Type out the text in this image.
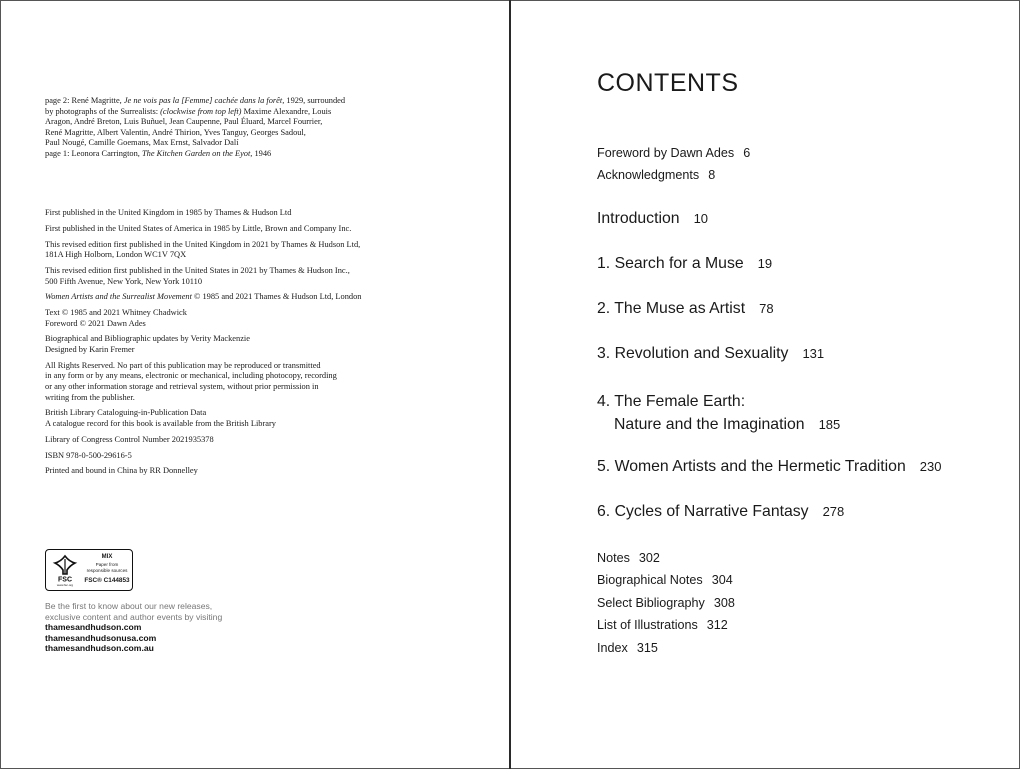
page 2: René Magritte, Je ne vois pas la [Femme] cachée dans la forêt, 1929, surrounded
by photographs of the Surrealists: (clockwise from top left) Maxime Alexandre, Louis
Aragon, André Breton, Luis Buñuel, Jean Caupenne, Paul Éluard, Marcel Fourrier,
René Magritte, Albert Valentin, André Thirion, Yves Tanguy, Georges Sadoul,
Paul Nougé, Camille Goemans, Max Ernst, Salvador Dalí

page 1: Leonora Carrington, The Kitchen Garden on the Eyot, 1946

First published in the United Kingdom in 1985 by Thames & Hudson Ltd

First published in the United States of America in 1985 by Little, Brown and Company Inc.

This revised edition first published in the United Kingdom in 2021 by Thames & Hudson Ltd,
181A High Holborn, London WC1V 7QX

This revised edition first published in the United States in 2021 by Thames & Hudson Inc.,
500 Fifth Avenue, New York, New York 10110

Women Artists and the Surrealist Movement © 1985 and 2021 Thames & Hudson Ltd, London

Text © 1985 and 2021 Whitney Chadwick
Foreword © 2021 Dawn Ades

Biographical and Bibliographic updates by Verity Mackenzie
Designed by Karin Fremer

All Rights Reserved. No part of this publication may be reproduced or transmitted
in any form or by any means, electronic or mechanical, including photocopy, recording
or any other information storage and retrieval system, without prior permission in
writing from the publisher.

British Library Cataloguing-in-Publication Data
A catalogue record for this book is available from the British Library

Library of Congress Control Number 2021935378

ISBN 978-0-500-29616-5

Printed and bound in China by RR Donnelley

FSC
www.fsc.org
MIX
Paper from responsible sources
FSC® C144853
Be the first to know about our new releases,
exclusive content and author events by visiting
thamesandhudson.com
thamesandhudsonusa.com
thamesandhudson.com.au
CONTENTS
Foreword by Dawn Ades 6
Acknowledgments 8
Introduction 10
1. Search for a Muse 19
2. The Muse as Artist 78
3. Revolution and Sexuality 131
4. The Female Earth:
Nature and the Imagination 185
5. Women Artists and the Hermetic Tradition 230
6. Cycles of Narrative Fantasy 278
Notes 302
Biographical Notes 304
Select Bibliography 308
List of Illustrations 312
Index 315
